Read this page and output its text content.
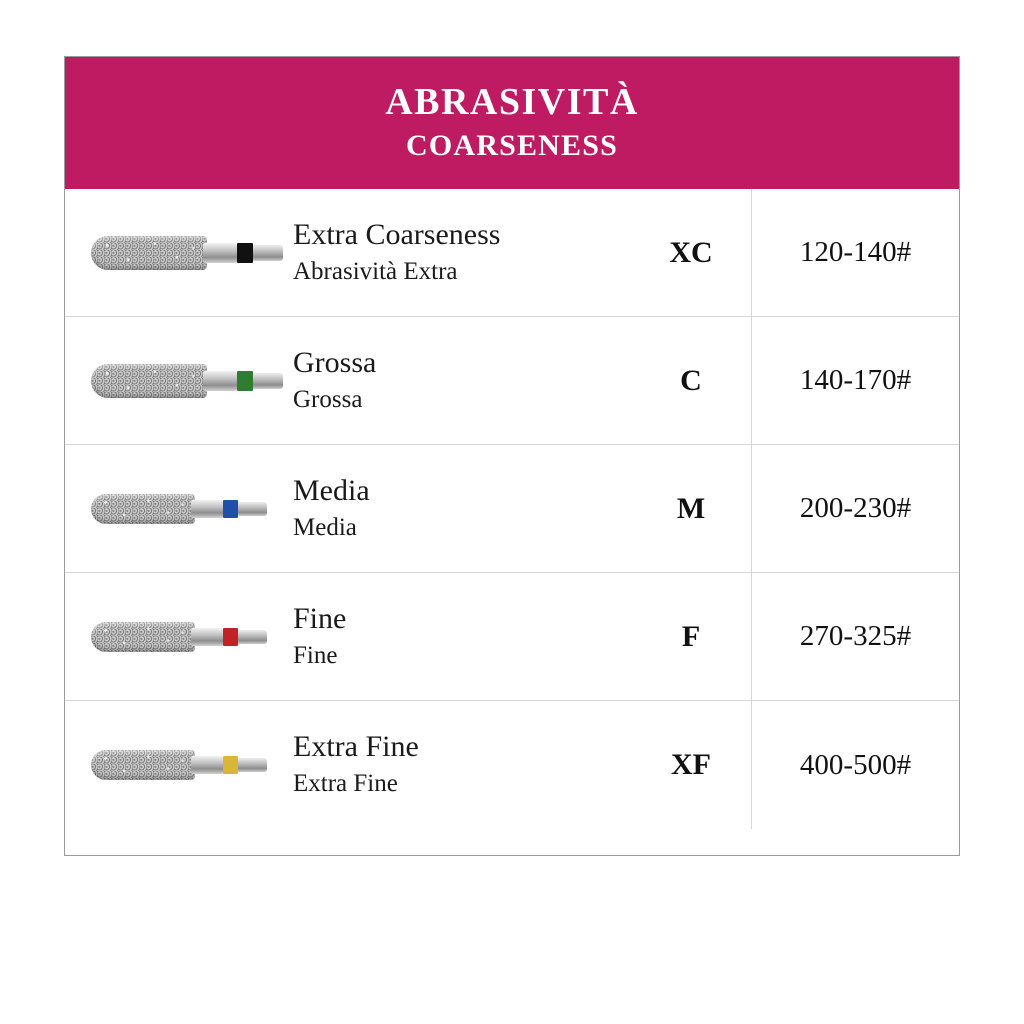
ABRASIVITÀ
COARSENESS
Extra Coarseness
Abrasività Extra
XC	120-140#
Grossa
Grossa
C	140-170#
Media
Media
M	200-230#
Fine
Fine
F	270-325#
Extra Fine
Extra Fine
XF	400-500#
